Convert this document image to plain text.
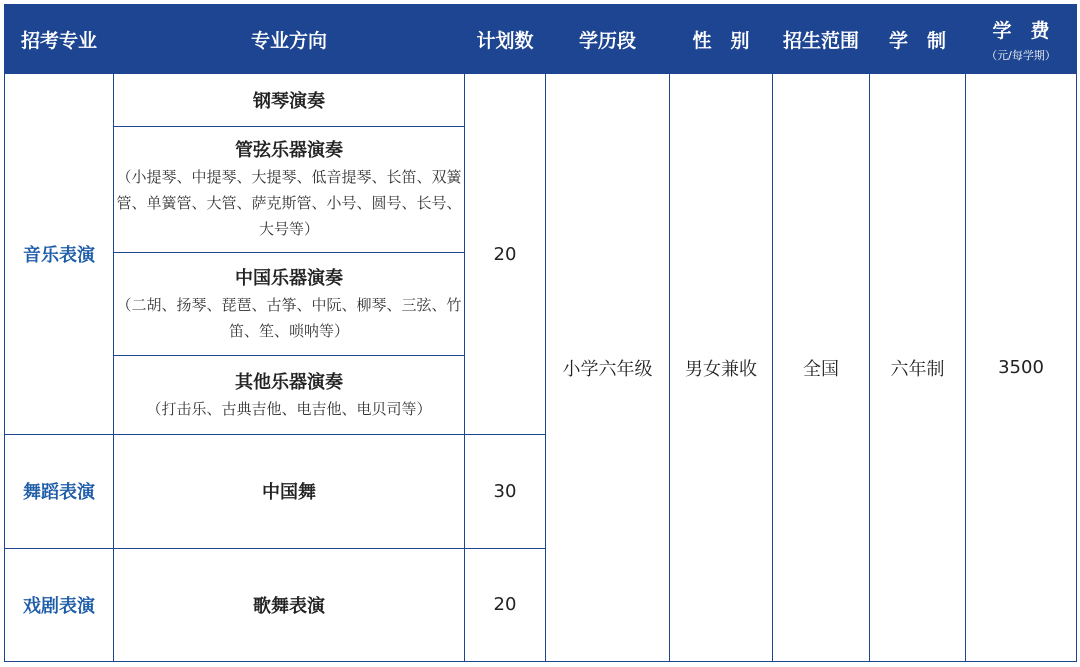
招考专业	专业方向	计划数	学历段	性　别	招生范围	学　制	学　费
（元/每学期）

音乐表演	钢琴演奏	20	小学六年级	男女兼收	全国	六年制	3500

	管弦乐器演奏
（小提琴、中提琴、大提琴、低音提琴、长笛、双簧管、单簧管、大管、萨克斯管、小号、圆号、长号、大号等）						

	中国乐器演奏
（二胡、扬琴、琵琶、古筝、中阮、柳琴、三弦、竹笛、笙、唢呐等）						

	其他乐器演奏
（打击乐、古典吉他、电吉他、电贝司等）						

舞蹈表演	中国舞	30					
戏剧表演	歌舞表演	20					
